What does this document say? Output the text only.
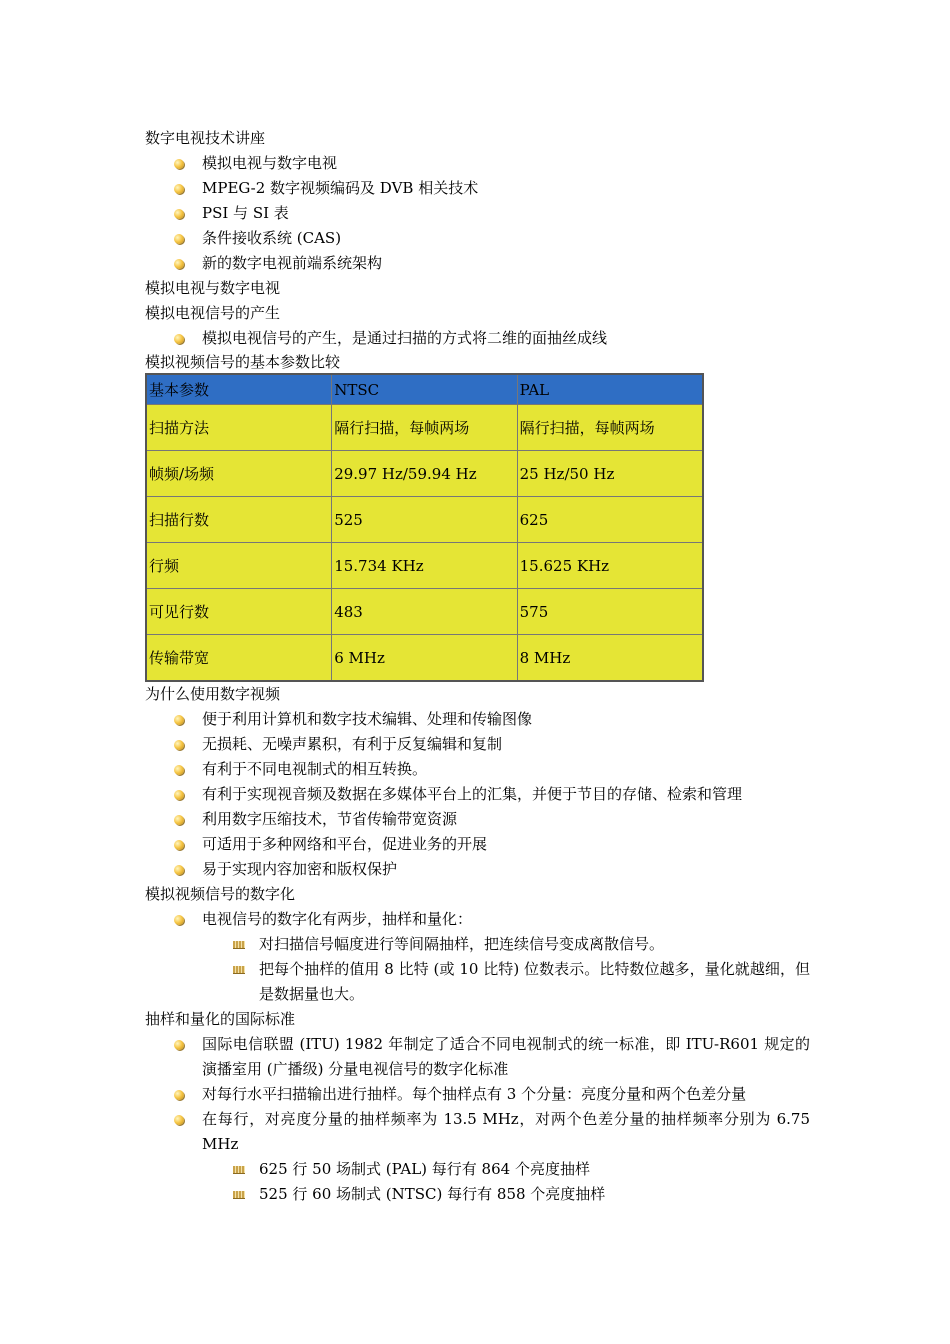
数字电视技术讲座
模拟电视与数字电视
MPEG-2 数字视频编码及 DVB 相关技术
PSI 与 SI 表
条件接收系统 (CAS)
新的数字电视前端系统架构
模拟电视与数字电视
模拟电视信号的产生
模拟电视信号的产生，是通过扫描的方式将二维的面抽丝成线
模拟视频信号的基本参数比较
基本参数	NTSC	PAL
扫描方法	隔行扫描，每帧两场	隔行扫描，每帧两场
帧频/场频	29.97 Hz/59.94 Hz	25 Hz/50 Hz
扫描行数	525	625
行频	15.734 KHz	15.625 KHz
可见行数	483	575
传输带宽	6 MHz	8 MHz
为什么使用数字视频
便于利用计算机和数字技术编辑、处理和传输图像
无损耗、无噪声累积，有利于反复编辑和复制
有利于不同电视制式的相互转换。
有利于实现视音频及数据在多媒体平台上的汇集，并便于节目的存储、检索和管理
利用数字压缩技术，节省传输带宽资源
可适用于多种网络和平台，促进业务的开展
易于实现内容加密和版权保护
模拟视频信号的数字化
电视信号的数字化有两步，抽样和量化：
对扫描信号幅度进行等间隔抽样，把连续信号变成离散信号。
把每个抽样的值用 8 比特 (或 10 比特) 位数表示。比特数位越多，量化就越细，但是数据量也大。
抽样和量化的国际标准
国际电信联盟 (ITU) 1982 年制定了适合不同电视制式的统一标准，即 ITU-R601 规定的演播室用 (广播级) 分量电视信号的数字化标准
对每行水平扫描输出进行抽样。每个抽样点有 3 个分量：亮度分量和两个色差分量
在每行，对亮度分量的抽样频率为 13.5 MHz，对两个色差分量的抽样频率分别为 6.75 MHz
625 行 50 场制式 (PAL) 每行有 864 个亮度抽样
525 行 60 场制式 (NTSC) 每行有 858 个亮度抽样
